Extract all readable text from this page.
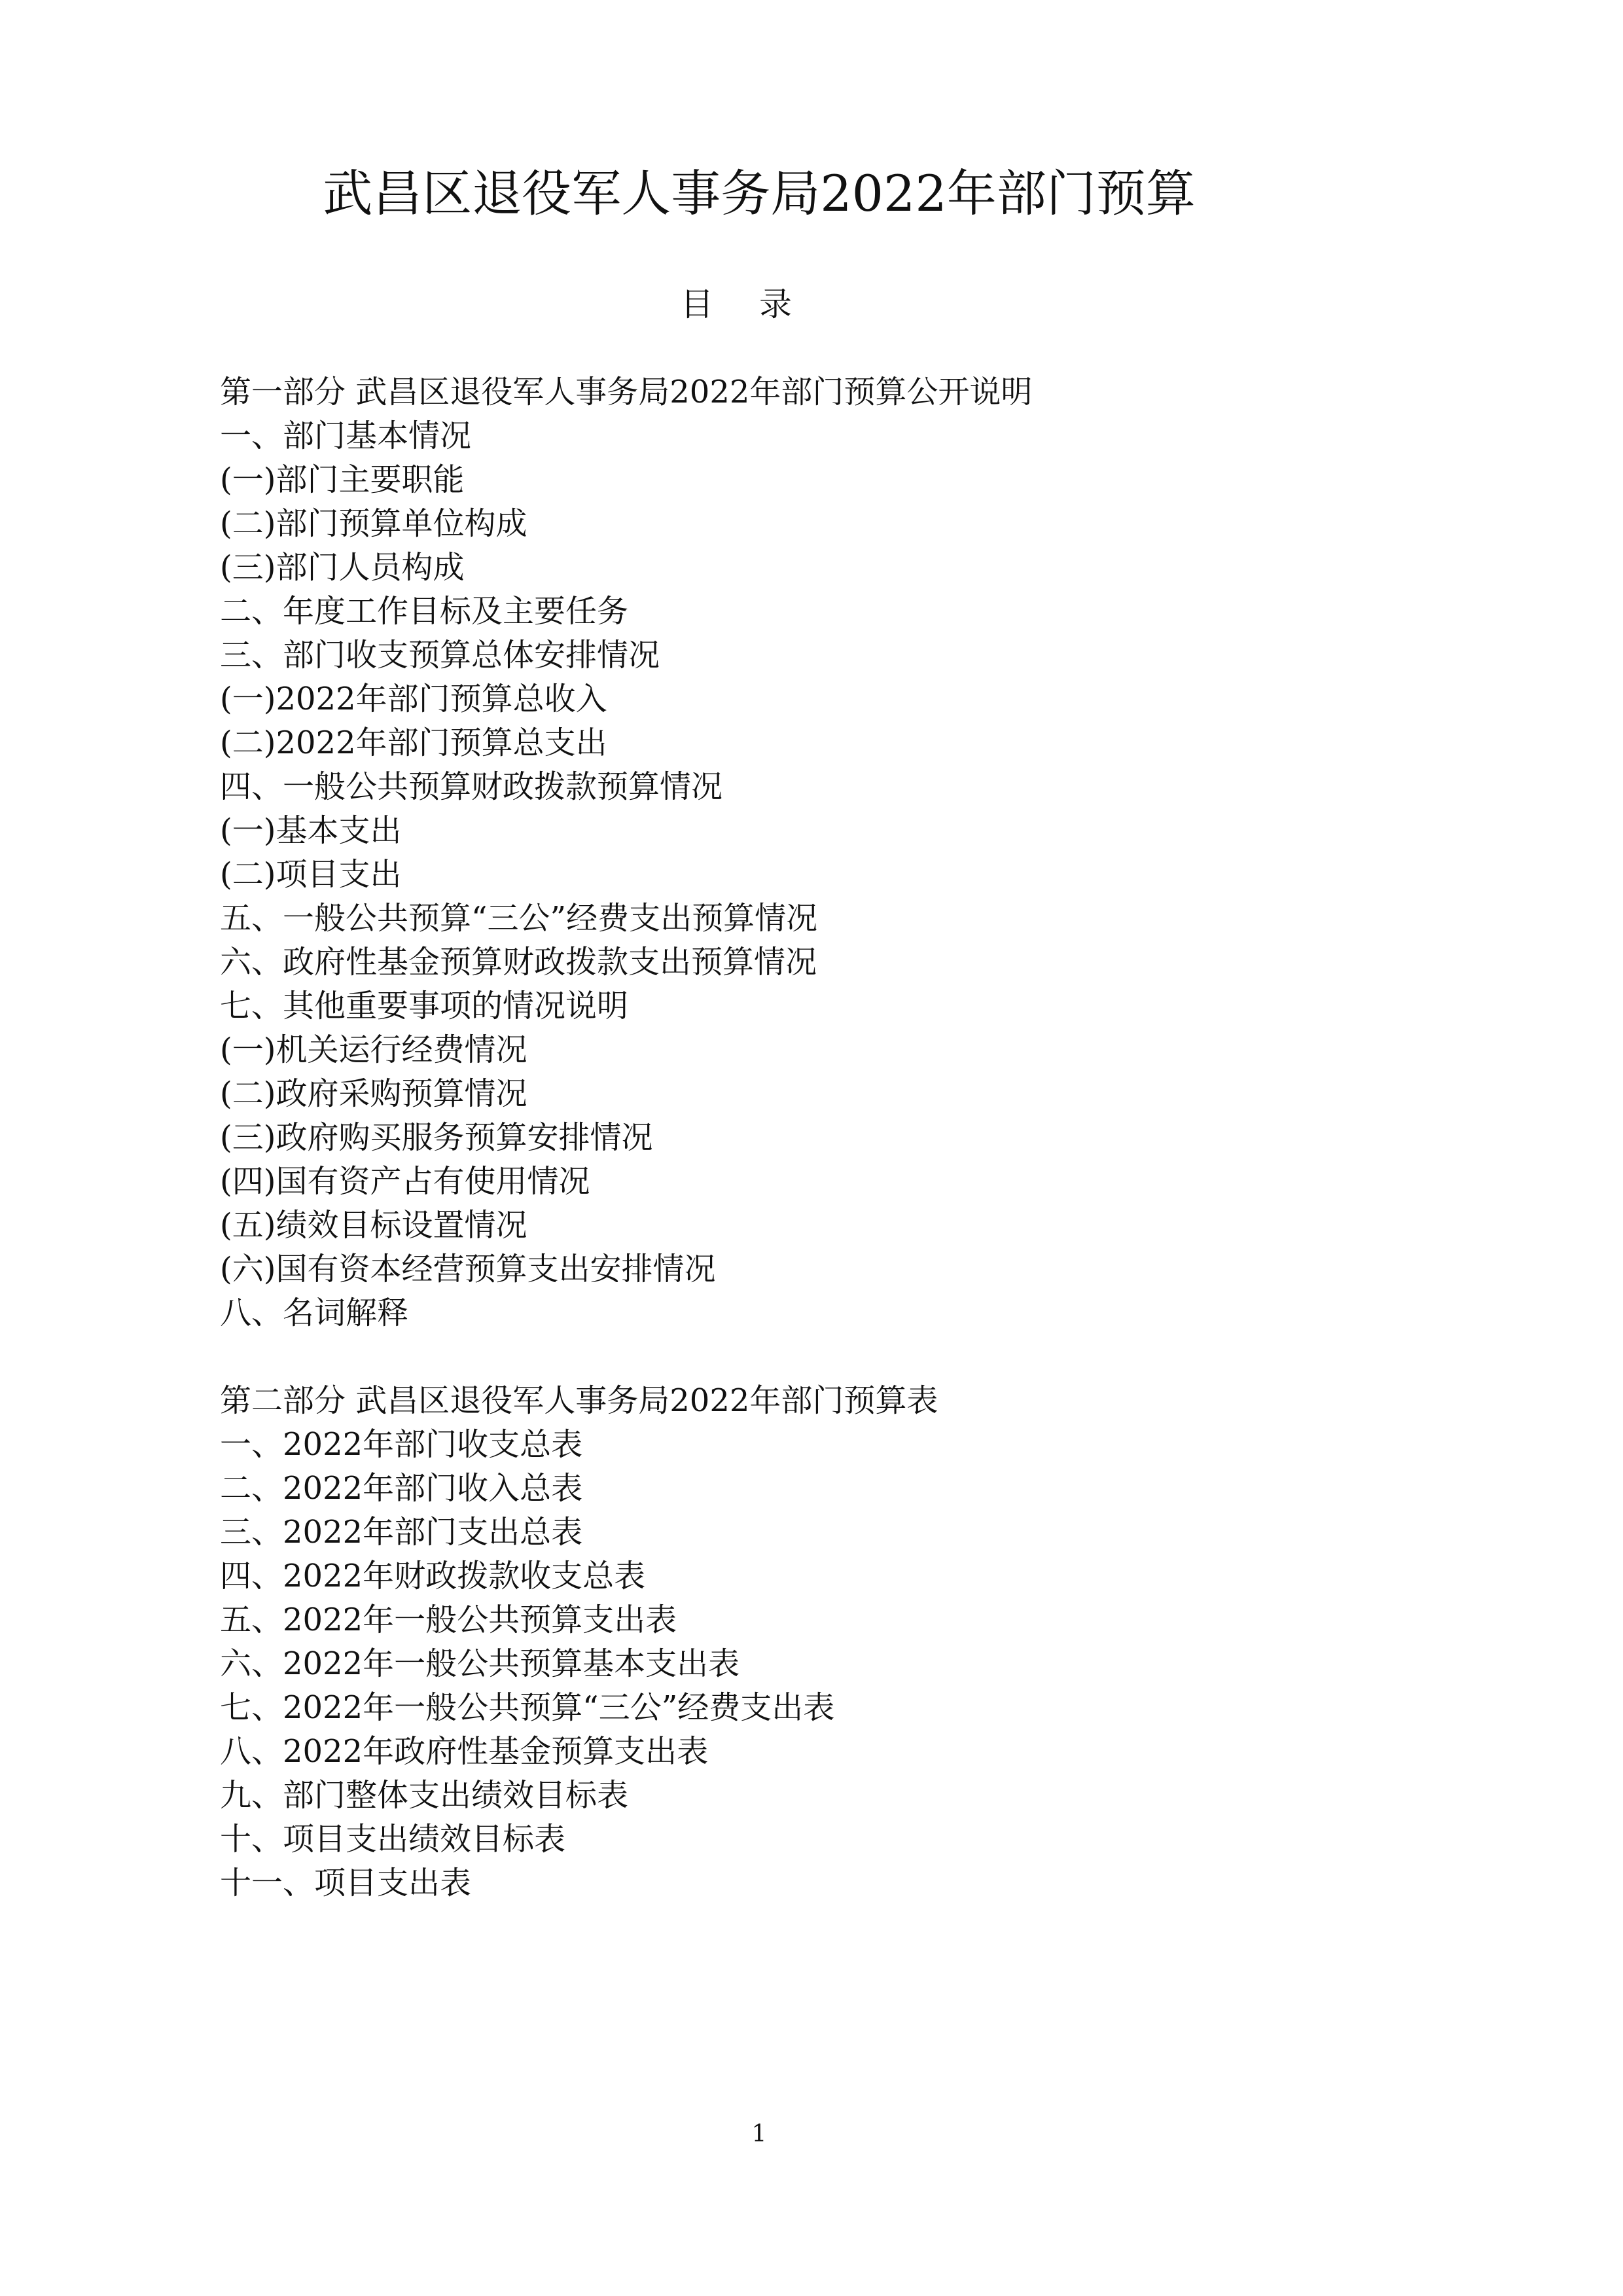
武昌区退役军人事务局2022年部门预算
目录
第一部分 武昌区退役军人事务局2022年部门预算公开说明
一、部门基本情况
(一)部门主要职能
(二)部门预算单位构成
(三)部门人员构成
二、年度工作目标及主要任务
三、部门收支预算总体安排情况
(一)2022年部门预算总收入
(二)2022年部门预算总支出
四、一般公共预算财政拨款预算情况
(一)基本支出
(二)项目支出
五、一般公共预算“三公”经费支出预算情况
六、政府性基金预算财政拨款支出预算情况
七、其他重要事项的情况说明
(一)机关运行经费情况
(二)政府采购预算情况
(三)政府购买服务预算安排情况
(四)国有资产占有使用情况
(五)绩效目标设置情况
(六)国有资本经营预算支出安排情况
八、名词解释
第二部分 武昌区退役军人事务局2022年部门预算表
一、2022年部门收支总表
二、2022年部门收入总表
三、2022年部门支出总表
四、2022年财政拨款收支总表
五、2022年一般公共预算支出表
六、2022年一般公共预算基本支出表
七、2022年一般公共预算“三公”经费支出表
八、2022年政府性基金预算支出表
九、部门整体支出绩效目标表
十、项目支出绩效目标表
十一、项目支出表
1
